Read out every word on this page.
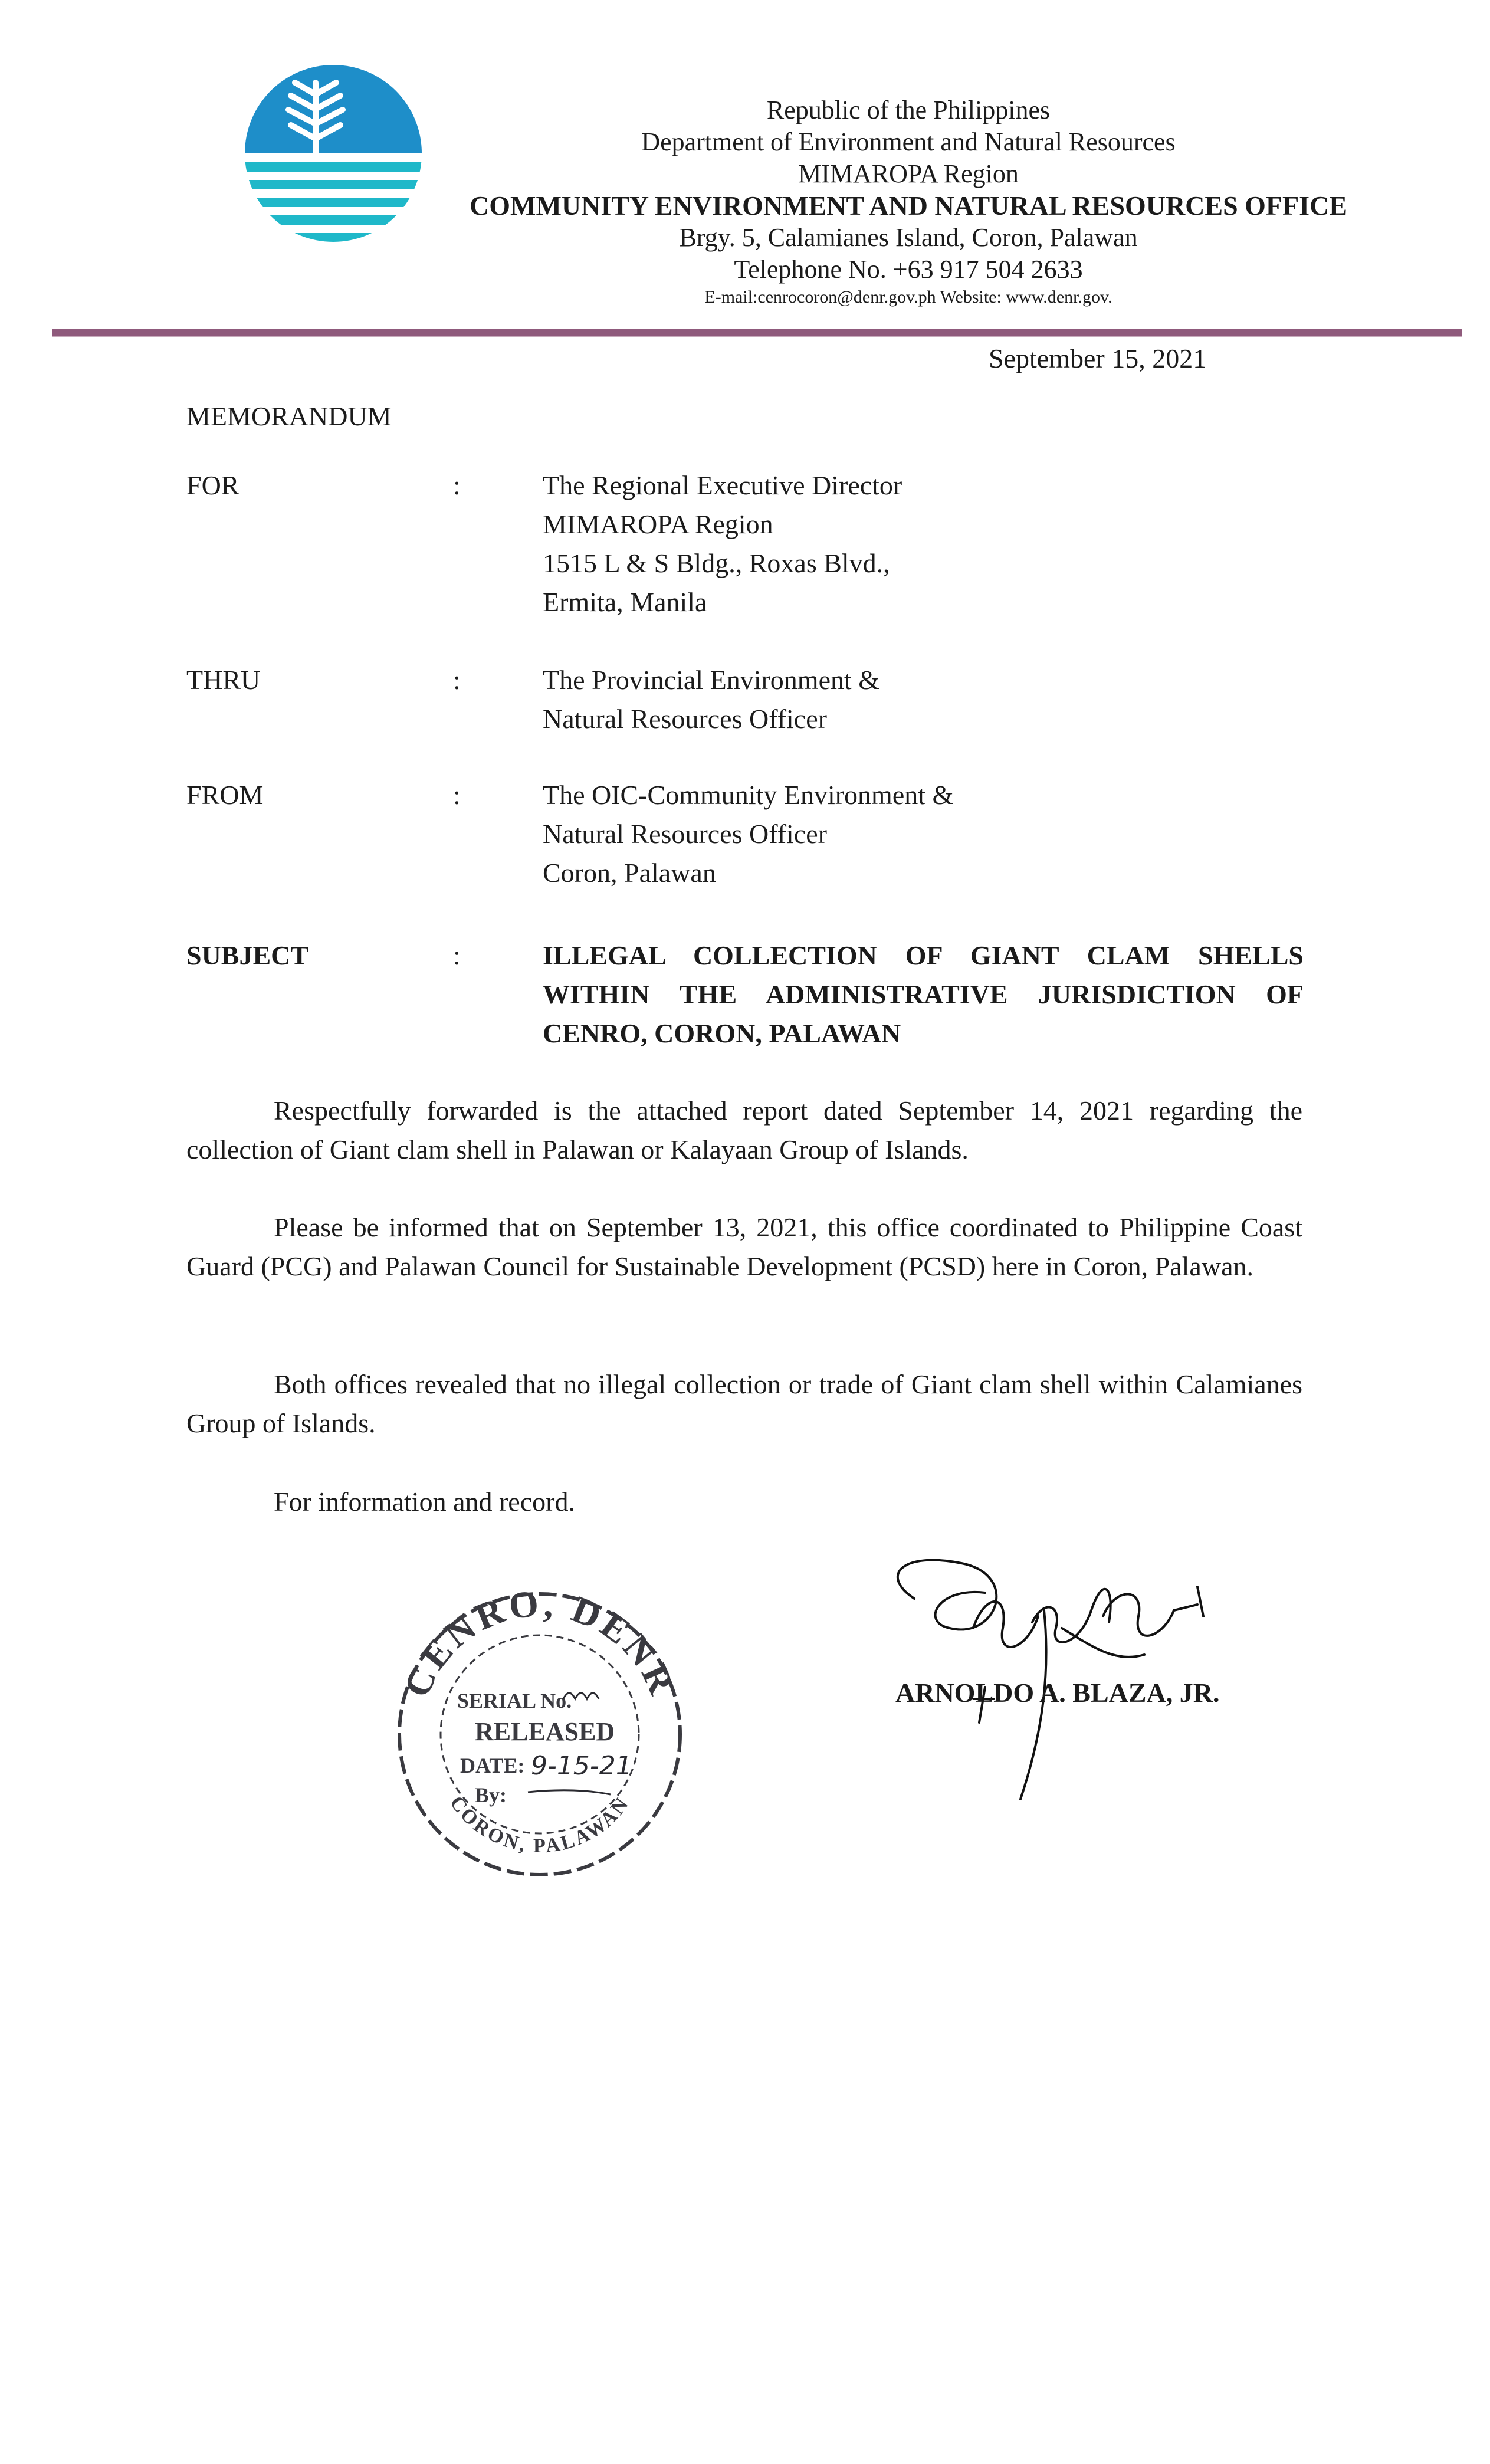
Republic of the Philippines
Department of Environment and Natural Resources
MIMAROPA Region
COMMUNITY ENVIRONMENT AND NATURAL RESOURCES OFFICE
Brgy. 5, Calamianes Island, Coron, Palawan
Telephone No. +63 917 504 2633
E-mail:cenrocoron@denr.gov.ph Website: www.denr.gov.
September 15, 2021
MEMORANDUM
FOR	:	The Regional Executive Director
MIMAROPA Region
1515 L & S Bldg., Roxas Blvd.,
Ermita, Manila
THRU	:	The Provincial Environment &
Natural Resources Officer
FROM	:	The OIC-Community Environment &
Natural Resources Officer
Coron, Palawan
SUBJECT	:	ILLEGAL COLLECTION OF GIANT CLAM SHELLS WITHIN THE ADMINISTRATIVE JURISDICTION OF CENRO, CORON, PALAWAN
Respectfully forwarded is the attached report dated September 14, 2021 regarding the collection of Giant clam shell in Palawan or Kalayaan Group of Islands.
Please be informed that on September 13, 2021, this office coordinated to Philippine Coast Guard (PCG) and Palawan Council for Sustainable Development (PCSD) here in Coron, Palawan.
Both offices revealed that no illegal collection or trade of Giant clam shell within Calamianes Group of Islands.
For information and record.
CENRO, DENR
CORON, PALAWAN
SERIAL No.
RELEASED
DATE:
By:
9-15-21
ARNOLDO A. BLAZA, JR.
